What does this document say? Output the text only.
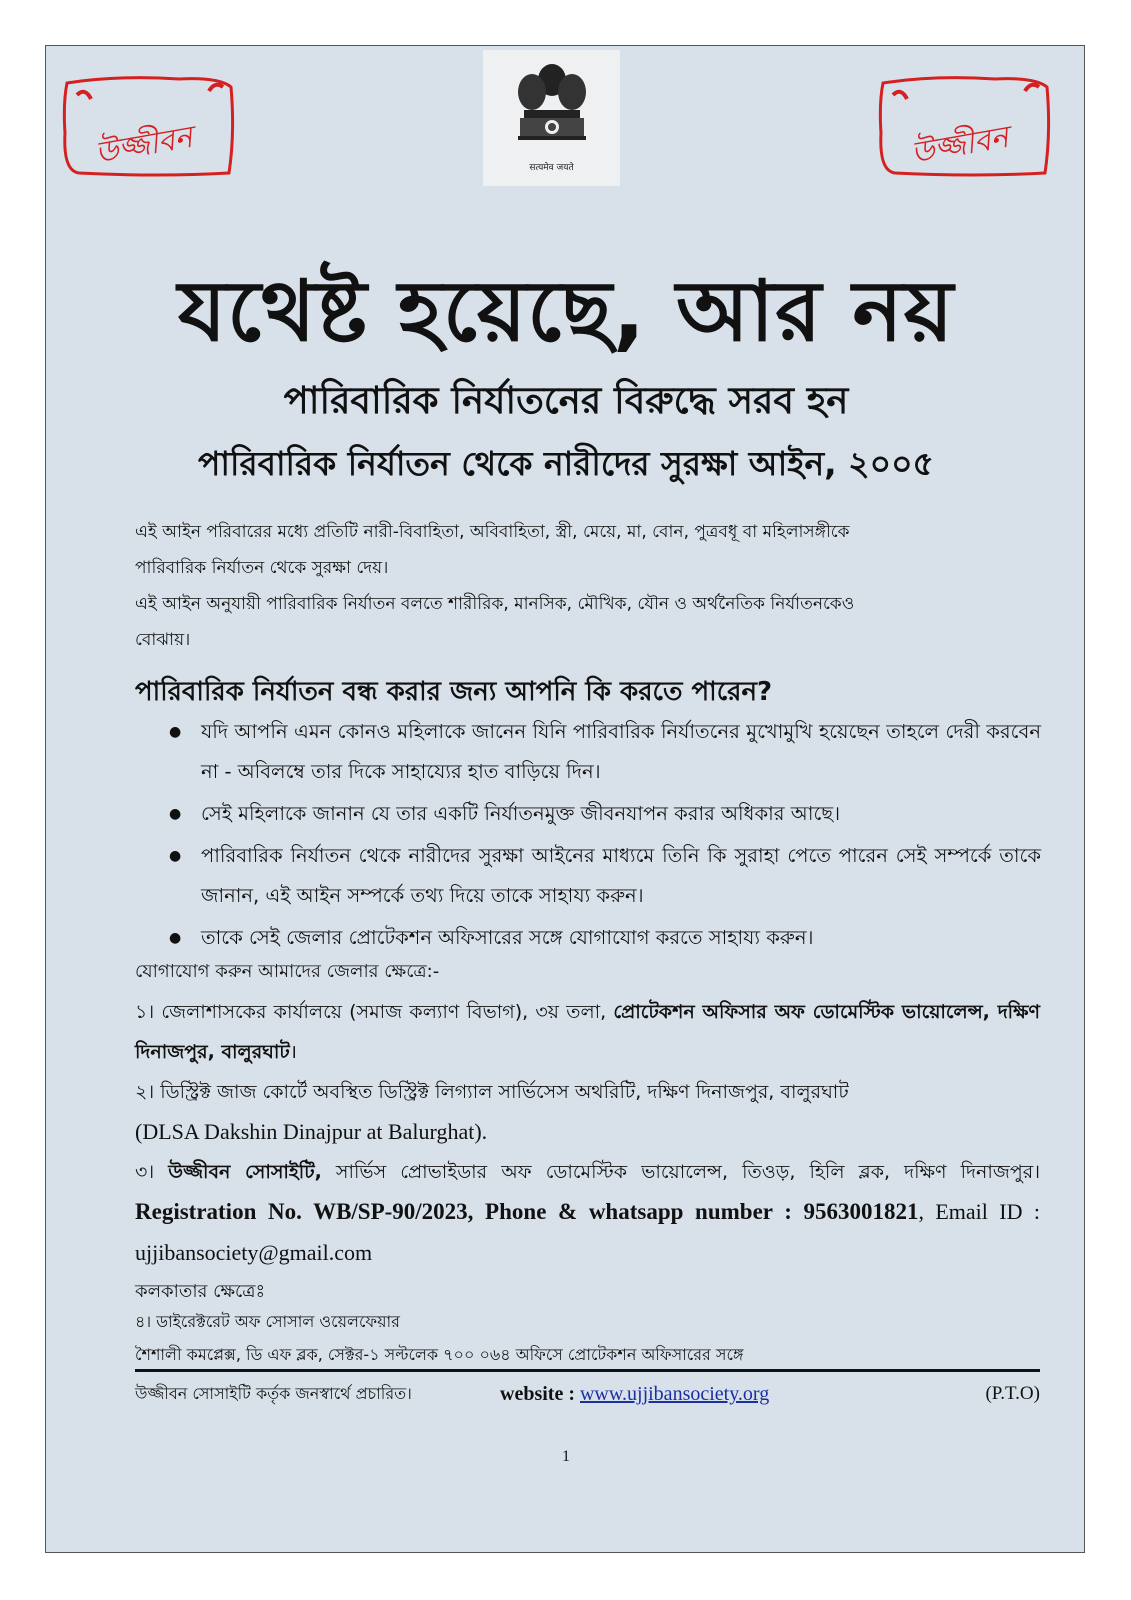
উজ্জীবন	উজ্জীবন
सत्यमेव जयते
যথেষ্ট হয়েছে, আর নয়
পারিবারিক নির্যাতনের বিরুদ্ধে সরব হন
পারিবারিক নির্যাতন থেকে নারীদের সুরক্ষা আইন, ২০০৫
এই আইন পরিবারের মধ্যে প্রতিটি নারী-বিবাহিতা, অবিবাহিতা, স্ত্রী, মেয়ে, মা, বোন, পুত্রবধূ বা মহিলাসঙ্গীকে
পারিবারিক নির্যাতন থেকে সুরক্ষা দেয়।
এই আইন অনুযায়ী পারিবারিক নির্যাতন বলতে শারীরিক, মানসিক, মৌখিক, যৌন ও অর্থনৈতিক নির্যাতনকেও
বোঝায়।
পারিবারিক নির্যাতন বন্ধ করার জন্য আপনি কি করতে পারেন?
● যদি আপনি এমন কোনও মহিলাকে জানেন যিনি পারিবারিক নির্যাতনের মুখোমুখি হয়েছেন তাহলে দেরী করবেন না - অবিলম্বে তার দিকে সাহায্যের হাত বাড়িয়ে দিন।
● সেই মহিলাকে জানান যে তার একটি নির্যাতনমুক্ত জীবনযাপন করার অধিকার আছে।
● পারিবারিক নির্যাতন থেকে নারীদের সুরক্ষা আইনের মাধ্যমে তিনি কি সুরাহা পেতে পারেন সেই সম্পর্কে তাকে জানান, এই আইন সম্পর্কে তথ্য দিয়ে তাকে সাহায্য করুন।
● তাকে সেই জেলার প্রোটেকশন অফিসারের সঙ্গে যোগাযোগ করতে সাহায্য করুন।
যোগাযোগ করুন আমাদের জেলার ক্ষেত্রে:-
১। জেলাশাসকের কার্যালয়ে (সমাজ কল্যাণ বিভাগ), ৩য় তলা, প্রোটেকশন অফিসার অফ ডোমেস্টিক ভায়োলেন্স, দক্ষিণ দিনাজপুর, বালুরঘাট।
২। ডিস্ট্রিক্ট জাজ কোর্টে অবস্থিত ডিস্ট্রিক্ট লিগ্যাল সার্ভিসেস অথরিটি, দক্ষিণ দিনাজপুর, বালুরঘাট
(DLSA Dakshin Dinajpur at Balurghat).
৩। উজ্জীবন সোসাইটি, সার্ভিস প্রোভাইডার অফ ডোমেস্টিক ভায়োলেন্স, তিওড়, হিলি ব্লক, দক্ষিণ দিনাজপুর। Registration No. WB/SP-90/2023, Phone & whatsapp number : 9563001821, Email ID : ujjibansociety@gmail.com
কলকাতার ক্ষেত্রেঃ
৪। ডাইরেক্টরেট অফ সোসাল ওয়েলফেয়ার
শৈশালী কমপ্লেক্স, ডি এফ ব্লক, সেক্টর-১ সল্টলেক ৭০০ ০৬৪ অফিসে প্রোটেকশন অফিসারের সঙ্গে
উজ্জীবন সোসাইটি কর্তৃক জনস্বার্থে প্রচারিত।	website : www.ujjibansociety.org	(P.T.O)
1
